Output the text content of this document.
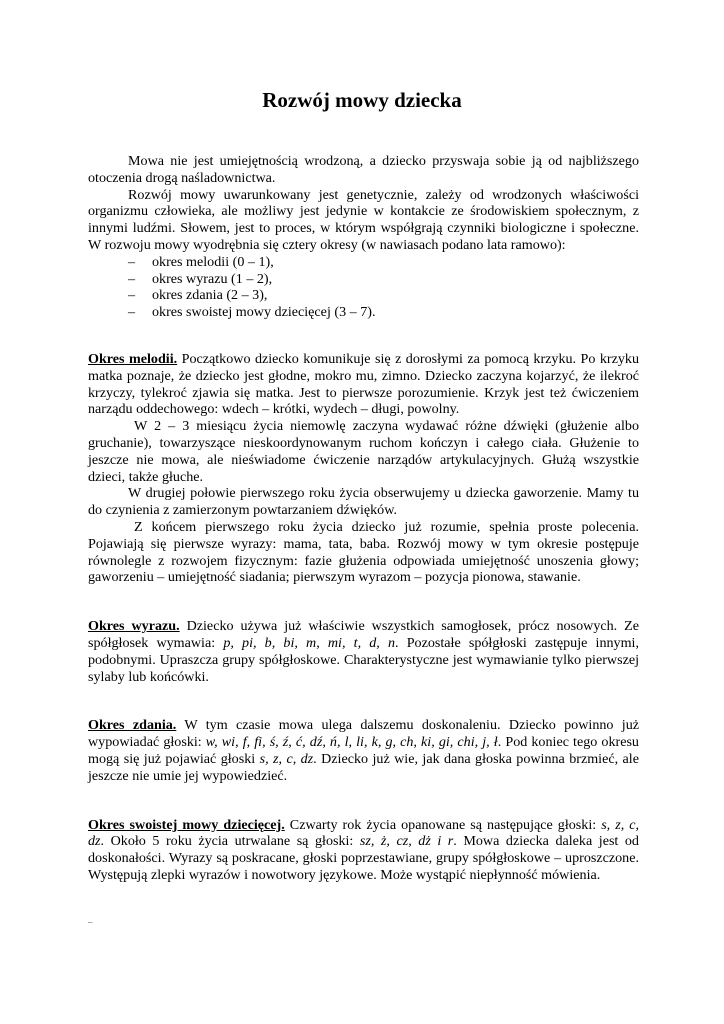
Rozwój mowy dziecka

Mowa nie jest umiejętnością wrodzoną, a dziecko przyswaja sobie ją od najbliższego otoczenia drogą naśladownictwa.

Rozwój mowy uwarunkowany jest genetycznie, zależy od wrodzonych właściwości organizmu człowieka, ale możliwy jest jedynie w kontakcie ze środowiskiem społecznym, z innymi ludźmi. Słowem, jest to proces, w którym współgrają czynniki biologiczne i społeczne. W rozwoju mowy wyodrębnia się cztery okresy (w nawiasach podano lata ramowo):

– okres melodii (0 – 1),
– okres wyrazu (1 – 2),
– okres zdania (2 – 3),
– okres swoistej mowy dziecięcej (3 – 7).

Okres melodii. Początkowo dziecko komunikuje się z dorosłymi za pomocą krzyku. Po krzyku matka poznaje, że dziecko jest głodne, mokro mu, zimno. Dziecko zaczyna kojarzyć, że ilekroć krzyczy, tylekroć zjawia się matka. Jest to pierwsze porozumienie. Krzyk jest też ćwiczeniem narządu oddechowego: wdech – krótki, wydech – długi, powolny.

W 2 – 3 miesiącu życia niemowlę zaczyna wydawać różne dźwięki (głużenie albo gruchanie), towarzyszące nieskoordynowanym ruchom kończyn i całego ciała. Głużenie to jeszcze nie mowa, ale nieświadome ćwiczenie narządów artykulacyjnych. Głużą wszystkie dzieci, także głuche.

W drugiej połowie pierwszego roku życia obserwujemy u dziecka gaworzenie. Mamy tu do czynienia z zamierzonym powtarzaniem dźwięków.

Z końcem pierwszego roku życia dziecko już rozumie, spełnia proste polecenia. Pojawiają się pierwsze wyrazy: mama, tata, baba. Rozwój mowy w tym okresie postępuje równolegle z rozwojem fizycznym: fazie głużenia odpowiada umiejętność unoszenia głowy; gaworzeniu – umiejętność siadania; pierwszym wyrazom – pozycja pionowa, stawanie.

Okres wyrazu. Dziecko używa już właściwie wszystkich samogłosek, prócz nosowych. Ze spółgłosek wymawia: p, pi, b, bi, m, mi, t, d, n. Pozostałe spółgłoski zastępuje innymi, podobnymi. Upraszcza grupy spółgłoskowe. Charakterystyczne jest wymawianie tylko pierwszej sylaby lub końcówki.

Okres zdania. W tym czasie mowa ulega dalszemu doskonaleniu. Dziecko powinno już wypowiadać głoski: w, wi, f, fi, ś, ź, ć, dź, ń, l, li, k, g, ch, ki, gi, chi, j, ł. Pod koniec tego okresu mogą się już pojawiać głoski s, z, c, dz. Dziecko już wie, jak dana głoska powinna brzmieć, ale jeszcze nie umie jej wypowiedzieć.

Okres swoistej mowy dziecięcej. Czwarty rok życia opanowane są następujące głoski: s, z, c, dz. Około 5 roku życia utrwalane są głoski: sz, ż, cz, dż i r. Mowa dziecka daleka jest od doskonałości. Wyrazy są poskracane, głoski poprzestawiane, grupy spółgłoskowe – uproszczone. Występują zlepki wyrazów i nowotwory językowe. Może wystąpić niepłynność mówienia.

–
